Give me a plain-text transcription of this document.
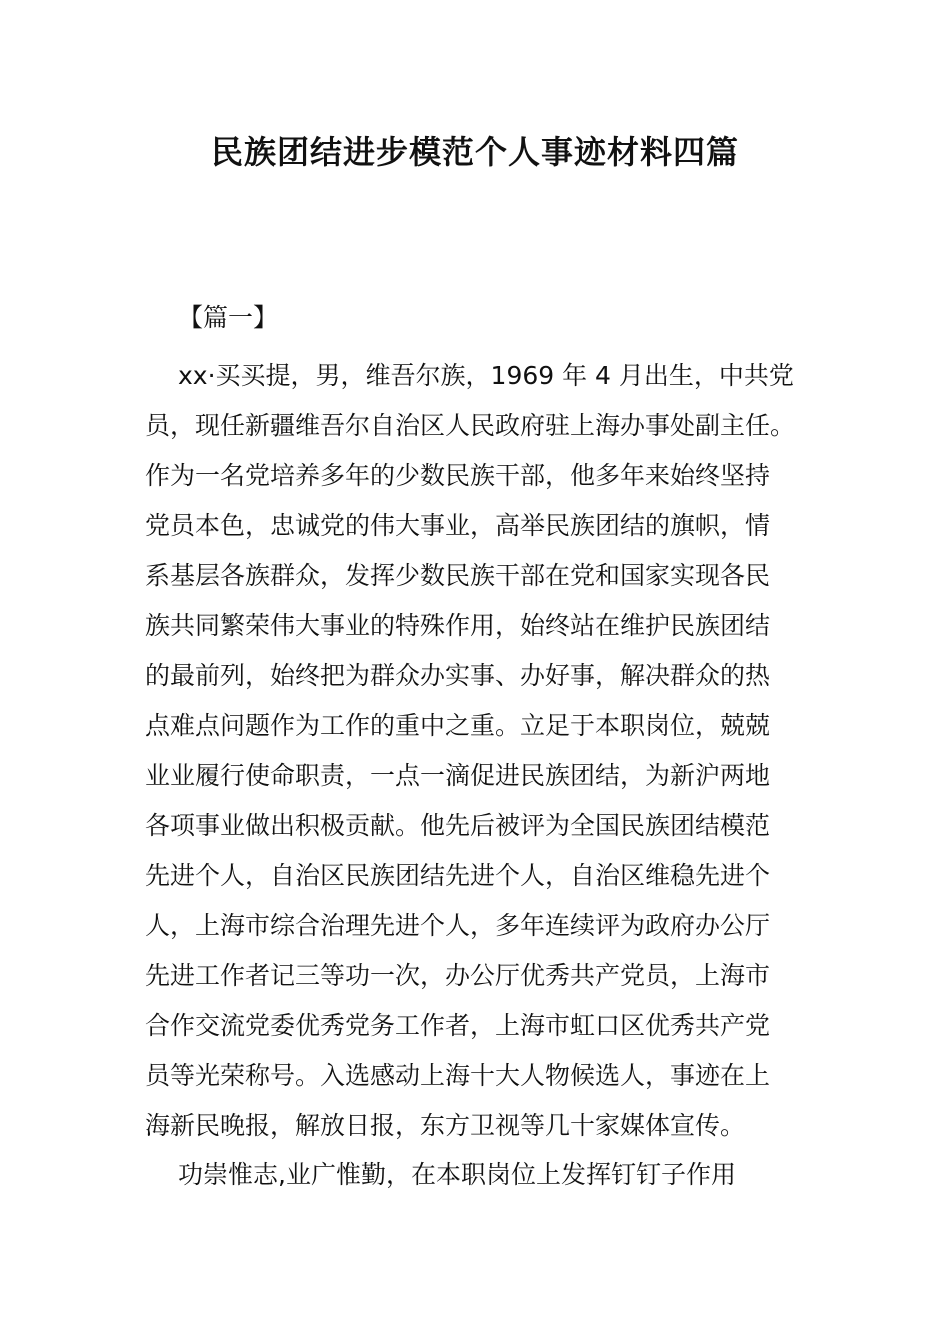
民族团结进步模范个人事迹材料四篇

【篇一】

xx·买买提，男，维吾尔族，1969 年 4 月出生，中共党
员，现任新疆维吾尔自治区人民政府驻上海办事处副主任。
作为一名党培养多年的少数民族干部，他多年来始终坚持
党员本色，忠诚党的伟大事业，高举民族团结的旗帜，情
系基层各族群众，发挥少数民族干部在党和国家实现各民
族共同繁荣伟大事业的特殊作用，始终站在维护民族团结
的最前列，始终把为群众办实事、办好事，解决群众的热
点难点问题作为工作的重中之重。立足于本职岗位，兢兢
业业履行使命职责，一点一滴促进民族团结，为新沪两地
各项事业做出积极贡献。他先后被评为全国民族团结模范
先进个人，自治区民族团结先进个人，自治区维稳先进个
人，上海市综合治理先进个人，多年连续评为政府办公厅
先进工作者记三等功一次，办公厅优秀共产党员，上海市
合作交流党委优秀党务工作者，上海市虹口区优秀共产党
员等光荣称号。入选感动上海十大人物候选人，事迹在上
海新民晚报，解放日报，东方卫视等几十家媒体宣传。

功崇惟志,业广惟勤，在本职岗位上发挥钉钉子作用
